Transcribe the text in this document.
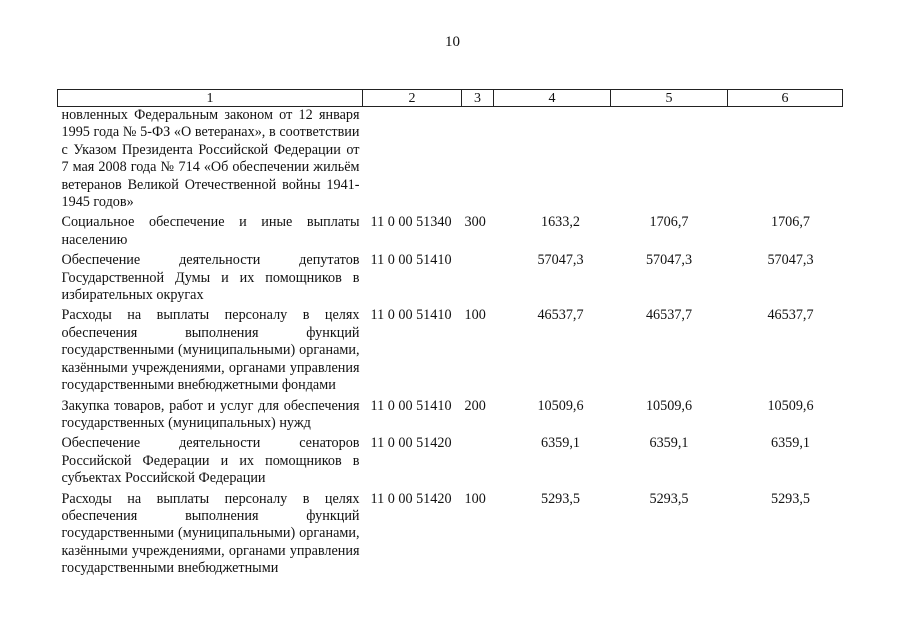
10
1	2	3	4	5	6
новленных Федеральным законом от 12 января 1995 года № 5-ФЗ «О ветеранах», в соответствии с Указом Президента Российской Федерации от 7 мая 2008 года № 714 «Об обеспечении жильём ветеранов Великой Отечественной войны 1941-1945 годов»					
Социальное обеспечение и иные выплаты населению	11 0 00 51340	300	1633,2	1706,7	1706,7
Обеспечение деятельности депутатов Государственной Думы и их помощников в избирательных округах	11 0 00 51410		57047,3	57047,3	57047,3
Расходы на выплаты персоналу в целях обеспечения выполнения функций государственными (муниципальными) органами, казёнными учреждениями, органами управления государственными внебюджетными фондами	11 0 00 51410	100	46537,7	46537,7	46537,7
Закупка товаров, работ и услуг для обеспечения государственных (муниципальных) нужд	11 0 00 51410	200	10509,6	10509,6	10509,6
Обеспечение деятельности сенаторов Российской Федерации и их помощников в субъектах Российской Федерации	11 0 00 51420		6359,1	6359,1	6359,1
Расходы на выплаты персоналу в целях обеспечения выполнения функций государственными (муниципальными) органами, казёнными учреждениями, органами управления государственными внебюджетными	11 0 00 51420	100	5293,5	5293,5	5293,5
